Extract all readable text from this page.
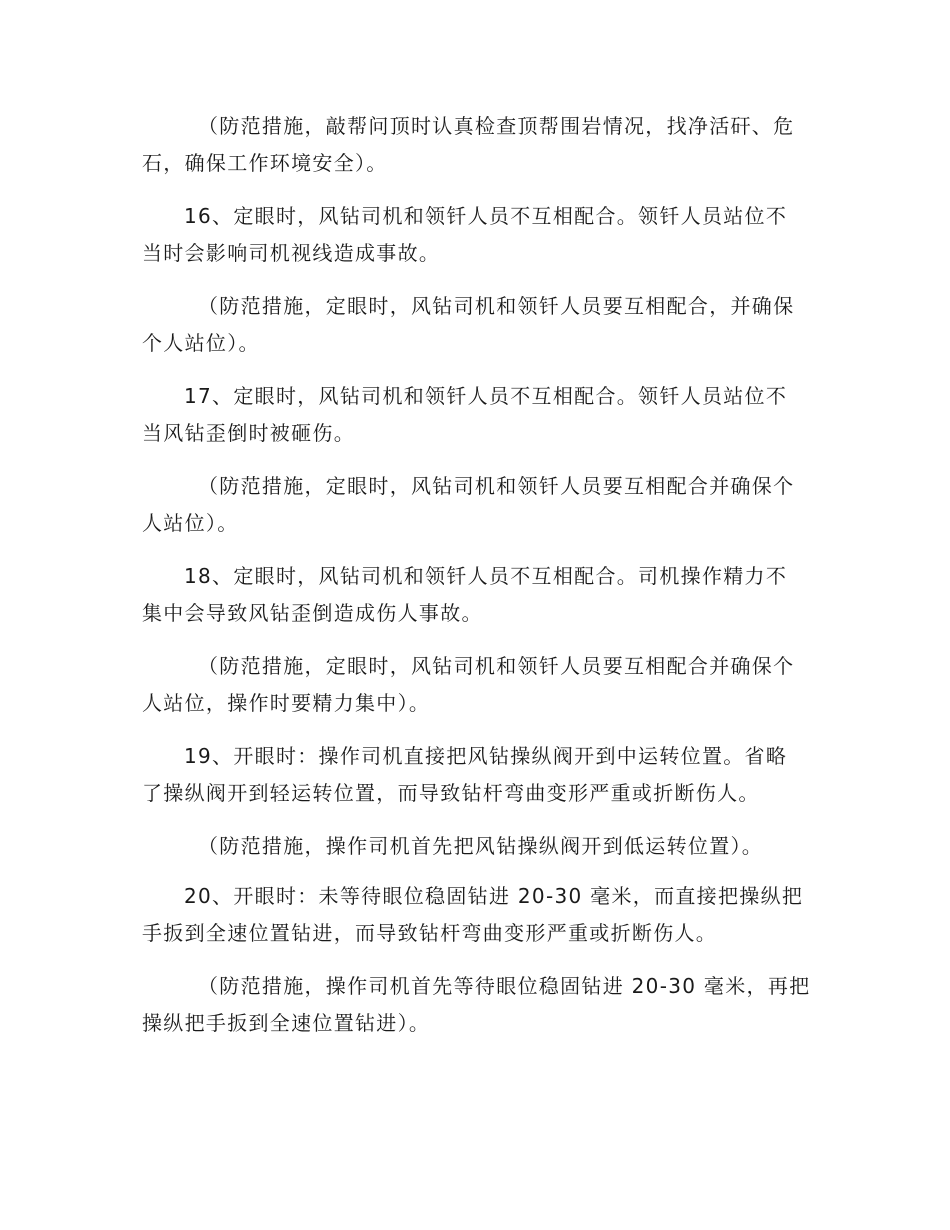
（防范措施，敲帮问顶时认真检查顶帮围岩情况，找净活矸、危
石，确保工作环境安全）。

16、定眼时，风钻司机和领钎人员不互相配合。领钎人员站位不
当时会影响司机视线造成事故。

（防范措施，定眼时，风钻司机和领钎人员要互相配合，并确保
个人站位）。

17、定眼时，风钻司机和领钎人员不互相配合。领钎人员站位不
当风钻歪倒时被砸伤。

（防范措施，定眼时，风钻司机和领钎人员要互相配合并确保个
人站位）。

18、定眼时，风钻司机和领钎人员不互相配合。司机操作精力不
集中会导致风钻歪倒造成伤人事故。

（防范措施，定眼时，风钻司机和领钎人员要互相配合并确保个
人站位，操作时要精力集中）。

19、开眼时：操作司机直接把风钻操纵阀开到中运转位置。省略
了操纵阀开到轻运转位置，而导致钻杆弯曲变形严重或折断伤人。

（防范措施，操作司机首先把风钻操纵阀开到低运转位置）。

20、开眼时：未等待眼位稳固钻进 20-30 毫米，而直接把操纵把
手扳到全速位置钻进，而导致钻杆弯曲变形严重或折断伤人。

（防范措施，操作司机首先等待眼位稳固钻进 20-30 毫米，再把
操纵把手扳到全速位置钻进）。
